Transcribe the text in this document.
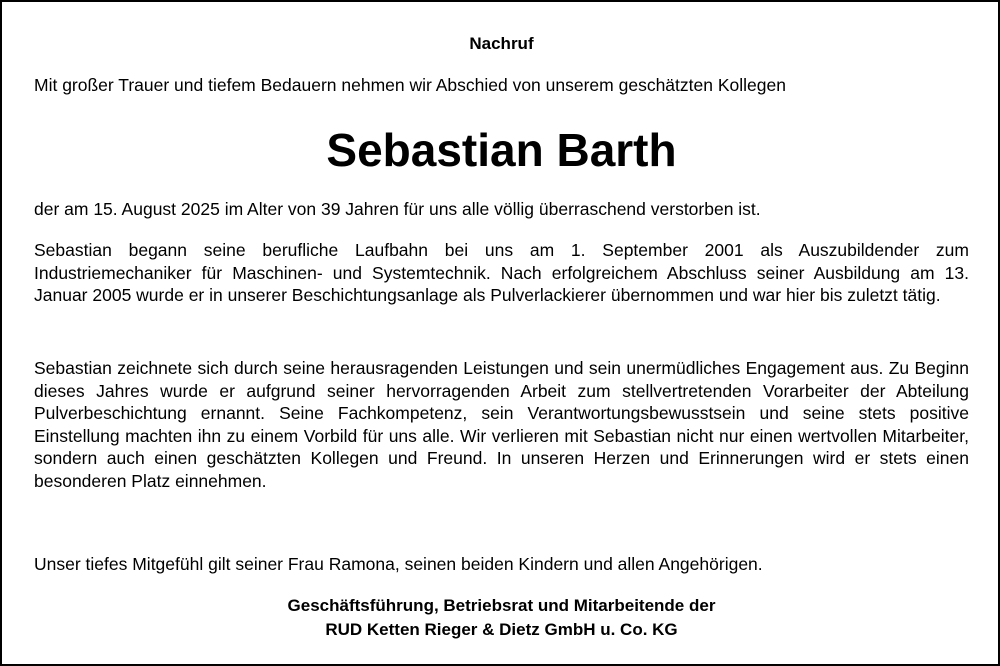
Nachruf
Mit großer Trauer und tiefem Bedauern nehmen wir Abschied von unserem geschätzten Kollegen
Sebastian Barth
der am 15. August 2025 im Alter von 39 Jahren für uns alle völlig überraschend verstorben ist.
Sebastian begann seine berufliche Laufbahn bei uns am 1. September 2001 als Auszubildender zum Industriemechaniker für Maschinen- und Systemtechnik. Nach erfolgreichem Abschluss seiner Ausbildung am 13. Januar 2005 wurde er in unserer Beschichtungsanlage als Pulverlackierer übernommen und war hier bis zuletzt tätig.
Sebastian zeichnete sich durch seine herausragenden Leistungen und sein unermüdliches Engagement aus. Zu Beginn dieses Jahres wurde er aufgrund seiner hervorragenden Arbeit zum stellvertretenden Vorarbeiter der Abteilung Pulverbeschichtung ernannt. Seine Fachkompetenz, sein Verantwortungsbewusstsein und seine stets positive Einstellung machten ihn zu einem Vorbild für uns alle. Wir verlieren mit Sebastian nicht nur einen wertvollen Mitarbeiter, sondern auch einen geschätzten Kollegen und Freund. In unseren Herzen und Erinnerungen wird er stets einen besonderen Platz einnehmen.
Unser tiefes Mitgefühl gilt seiner Frau Ramona, seinen beiden Kindern und allen Angehörigen.
Geschäftsführung, Betriebsrat und Mitarbeitende der
RUD Ketten Rieger & Dietz GmbH u. Co. KG
